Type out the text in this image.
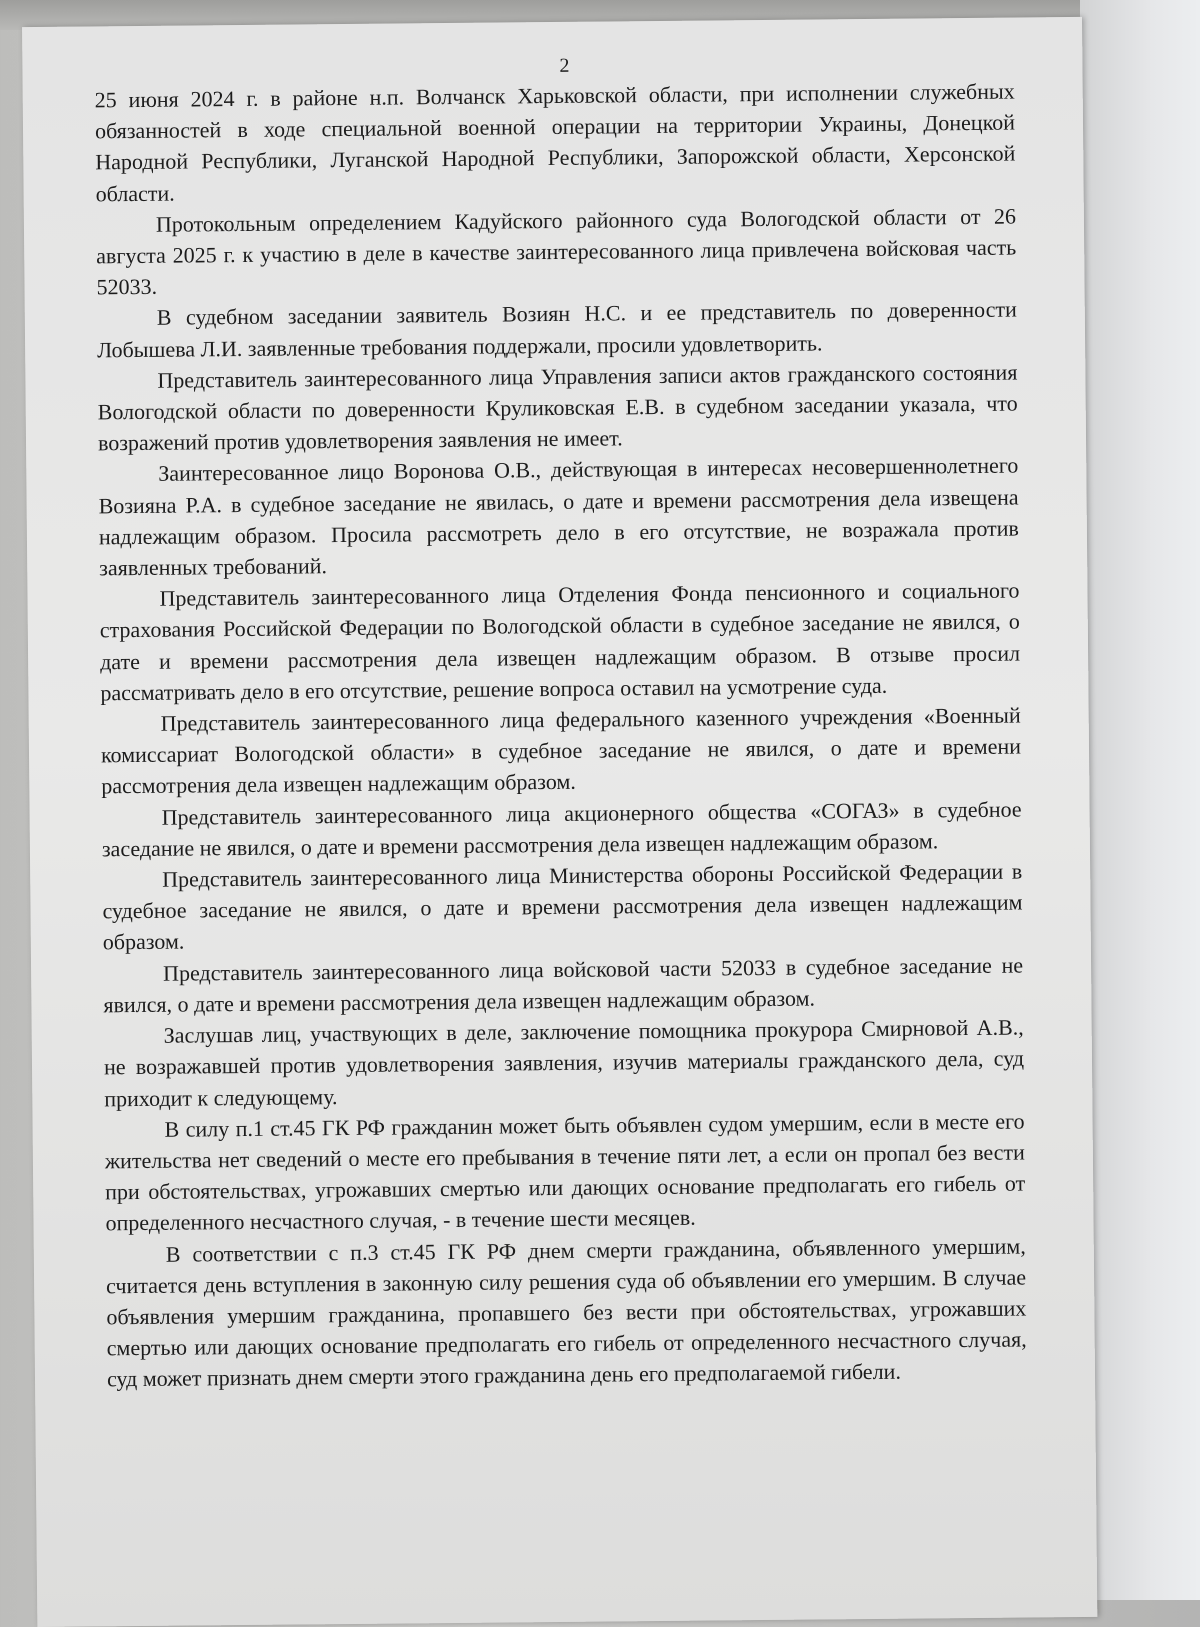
2

25 июня 2024 г. в районе н.п. Волчанск Харьковской области, при исполнении служебных обязанностей в ходе специальной военной операции на территории Украины, Донецкой Народной Республики, Луганской Народной Республики, Запорожской области, Херсонской области.

Протокольным определением Кадуйского районного суда Вологодской области от 26 августа 2025 г. к участию в деле в качестве заинтересованного лица привлечена войсковая часть 52033.

В судебном заседании заявитель Возиян Н.С. и ее представитель по доверенности Лобышева Л.И. заявленные требования поддержали, просили удовлетворить.

Представитель заинтересованного лица Управления записи актов гражданского состояния Вологодской области по доверенности Круликовская Е.В. в судебном заседании указала, что возражений против удовлетворения заявления не имеет.

Заинтересованное лицо Воронова О.В., действующая в интересах несовершеннолетнего Возияна Р.А. в судебное заседание не явилась, о дате и времени рассмотрения дела извещена надлежащим образом. Просила рассмотреть дело в его отсутствие, не возражала против заявленных требований.

Представитель заинтересованного лица Отделения Фонда пенсионного и социального страхования Российской Федерации по Вологодской области в судебное заседание не явился, о дате и времени рассмотрения дела извещен надлежащим образом. В отзыве просил рассматривать дело в его отсутствие, решение вопроса оставил на усмотрение суда.

Представитель заинтересованного лица федерального казенного учреждения «Военный комиссариат Вологодской области» в судебное заседание не явился, о дате и времени рассмотрения дела извещен надлежащим образом.

Представитель заинтересованного лица акционерного общества «СОГАЗ» в судебное заседание не явился, о дате и времени рассмотрения дела извещен надлежащим образом.

Представитель заинтересованного лица Министерства обороны Российской Федерации в судебное заседание не явился, о дате и времени рассмотрения дела извещен надлежащим образом.

Представитель заинтересованного лица войсковой части 52033 в судебное заседание не явился, о дате и времени рассмотрения дела извещен надлежащим образом.

Заслушав лиц, участвующих в деле, заключение помощника прокурора Смирновой А.В., не возражавшей против удовлетворения заявления, изучив материалы гражданского дела, суд приходит к следующему.

В силу п.1 ст.45 ГК РФ гражданин может быть объявлен судом умершим, если в месте его жительства нет сведений о месте его пребывания в течение пяти лет, а если он пропал без вести при обстоятельствах, угрожавших смертью или дающих основание предполагать его гибель от определенного несчастного случая, - в течение шести месяцев.

В соответствии с п.3 ст.45 ГК РФ днем смерти гражданина, объявленного умершим, считается день вступления в законную силу решения суда об объявлении его умершим. В случае объявления умершим гражданина, пропавшего без вести при обстоятельствах, угрожавших смертью или дающих основание предполагать его гибель от определенного несчастного случая, суд может признать днем смерти этого гражданина день его предполагаемой гибели.
